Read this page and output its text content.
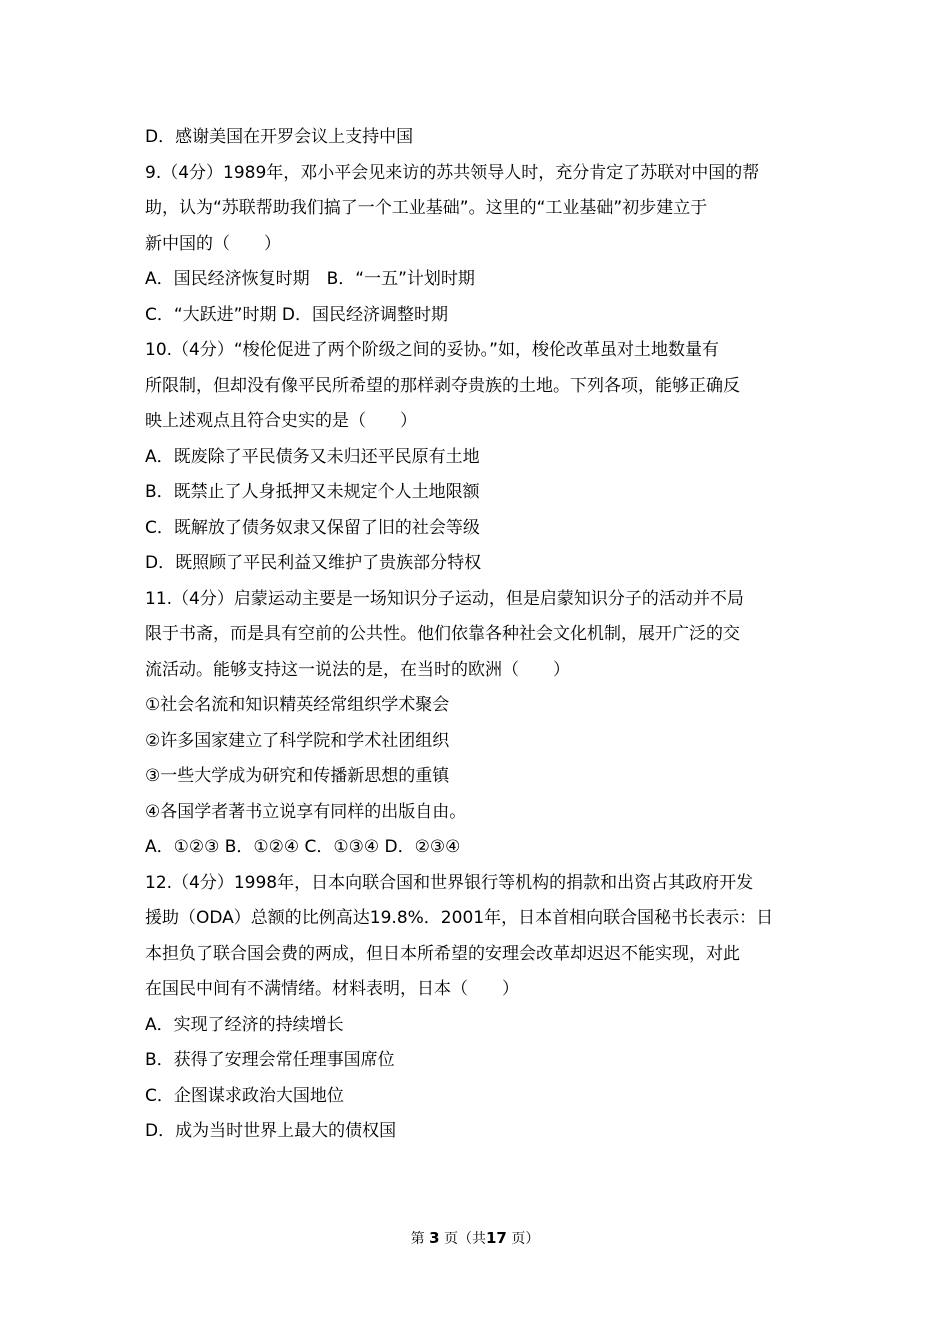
D．感谢美国在开罗会议上支持中国
9.（4分）1989年，邓小平会见来访的苏共领导人时，充分肯定了苏联对中国的帮
助，认为“苏联帮助我们搞了一个工业基础”。这里的“工业基础”初步建立于
新中国的（　　）
A．国民经济恢复时期　B．“一五”计划时期
C．“大跃进”时期 D．国民经济调整时期
10.（4分）“梭伦促进了两个阶级之间的妥协。”如，梭伦改革虽对土地数量有
所限制，但却没有像平民所希望的那样剥夺贵族的土地。下列各项，能够正确反
映上述观点且符合史实的是（　　）
A．既废除了平民债务又未归还平民原有土地
B．既禁止了人身抵押又未规定个人土地限额
C．既解放了债务奴隶又保留了旧的社会等级
D．既照顾了平民利益又维护了贵族部分特权
11.（4分）启蒙运动主要是一场知识分子运动，但是启蒙知识分子的活动并不局
限于书斋，而是具有空前的公共性。他们依靠各种社会文化机制，展开广泛的交
流活动。能够支持这一说法的是，在当时的欧洲（　　）
①社会名流和知识精英经常组织学术聚会
②许多国家建立了科学院和学术社团组织
③一些大学成为研究和传播新思想的重镇
④各国学者著书立说享有同样的出版自由。
A．①②③ B．①②④ C．①③④ D．②③④
12.（4分）1998年，日本向联合国和世界银行等机构的捐款和出资占其政府开发
援助（ODA）总额的比例高达19.8%．2001年，日本首相向联合国秘书长表示：日
本担负了联合国会费的两成，但日本所希望的安理会改革却迟迟不能实现，对此
在国民中间有不满情绪。材料表明，日本（　　）
A．实现了经济的持续增长
B．获得了安理会常任理事国席位
C．企图谋求政治大国地位
D．成为当时世界上最大的债权国
第 3 页（共17 页）
